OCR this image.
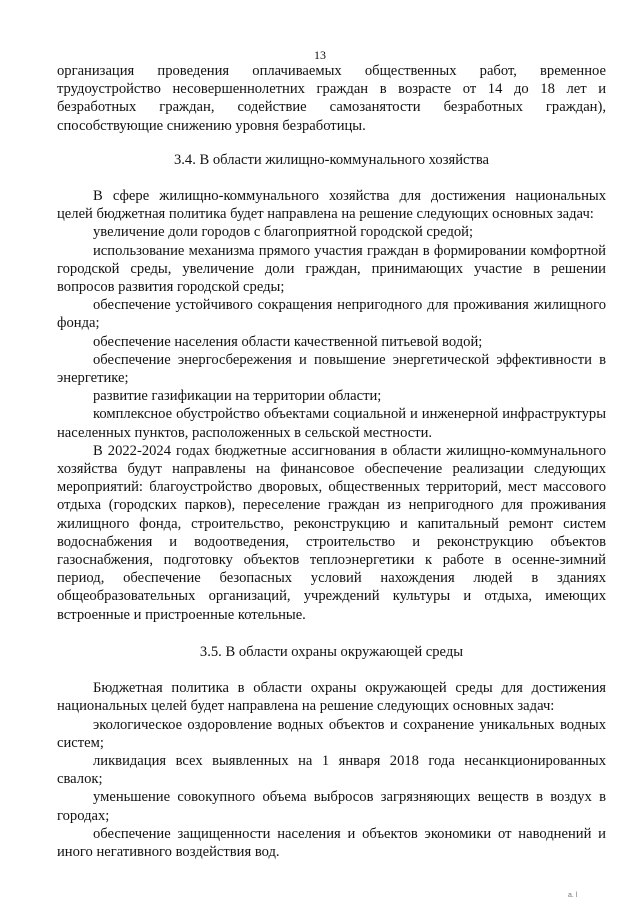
13

организация проведения оплачиваемых общественных работ, временное трудоустройство несовершеннолетних граждан в возрасте от 14 до 18 лет и безработных граждан, содействие самозанятости безработных граждан), способствующие снижению уровня безработицы.

3.4. В области жилищно-коммунального хозяйства

В сфере жилищно-коммунального хозяйства для достижения национальных целей бюджетная политика будет направлена на решение следующих основных задач:

увеличение доли городов с благоприятной городской средой;

использование механизма прямого участия граждан в формировании комфортной городской среды, увеличение доли граждан, принимающих участие в решении вопросов развития городской среды;

обеспечение устойчивого сокращения непригодного для проживания жилищного фонда;

обеспечение населения области качественной питьевой водой;

обеспечение энергосбережения и повышение энергетической эффективности в энергетике;

развитие газификации на территории области;

комплексное обустройство объектами социальной и инженерной инфраструктуры населенных пунктов, расположенных в сельской местности.

В 2022-2024 годах бюджетные ассигнования в области жилищно-коммунального хозяйства будут направлены на финансовое обеспечение реализации следующих мероприятий: благоустройство дворовых, общественных территорий, мест массового отдыха (городских парков), переселение граждан из непригодного для проживания жилищного фонда, строительство, реконструкцию и капитальный ремонт систем водоснабжения и водоотведения, строительство и реконструкцию объектов газоснабжения, подготовку объектов теплоэнергетики к работе в осенне-зимний период, обеспечение безопасных условий нахождения людей в зданиях общеобразовательных организаций, учреждений культуры и отдыха, имеющих встроенные и пристроенные котельные.

3.5. В области охраны окружающей среды

Бюджетная политика в области охраны окружающей среды для достижения национальных целей будет направлена на решение следующих основных задач:

экологическое оздоровление водных объектов и сохранение уникальных водных систем;

ликвидация всех выявленных на 1 января 2018 года несанкционированных свалок;

уменьшение совокупного объема выбросов загрязняющих веществ в воздух в городах;

обеспечение защищенности населения и объектов экономики от наводнений и иного негативного воздействия вод.

a. l
